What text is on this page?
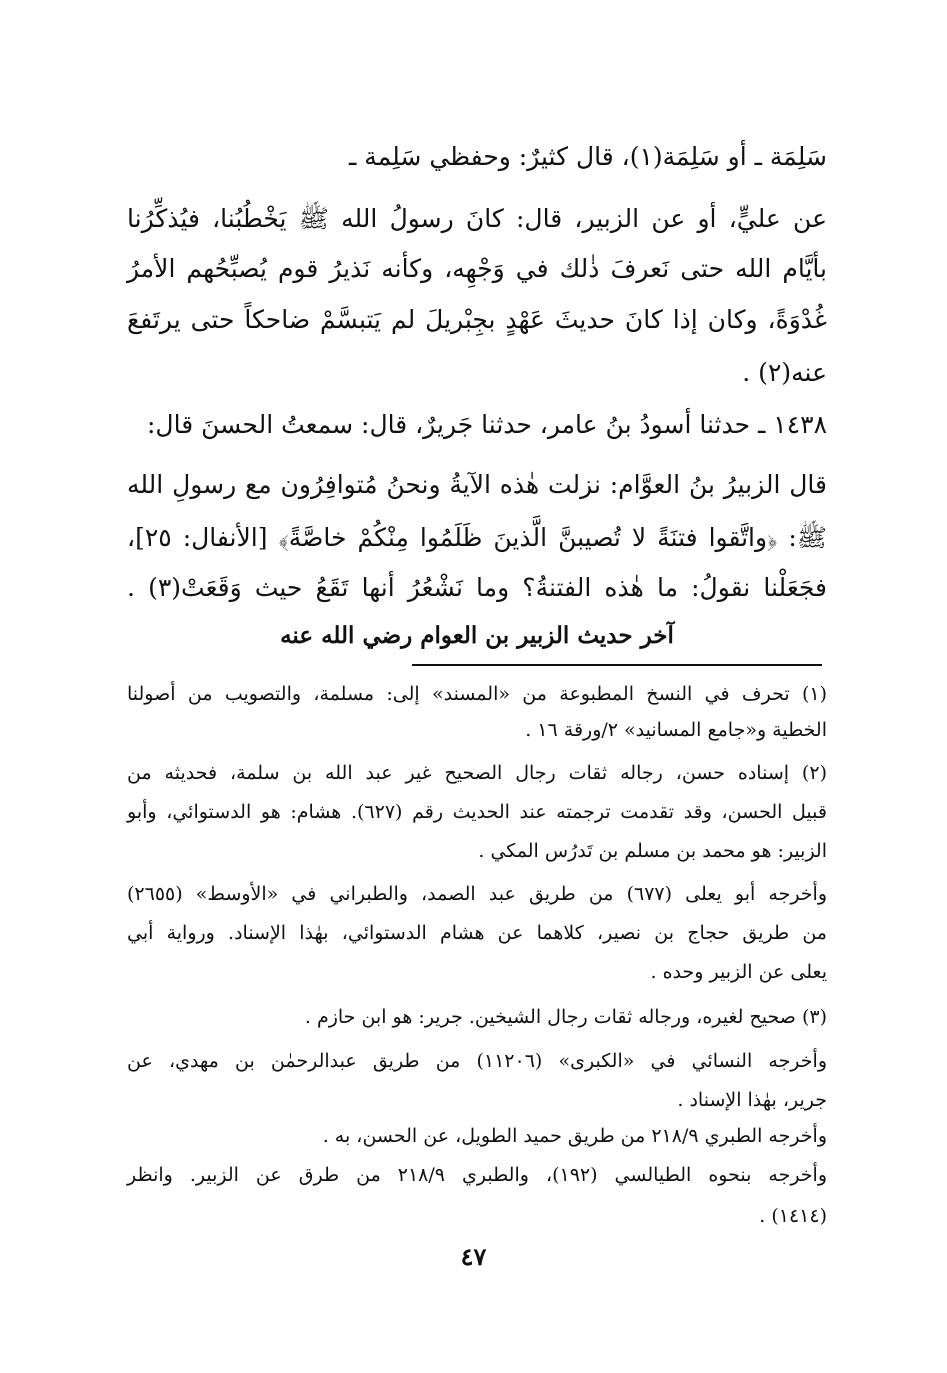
سَلِمَة ـ أو سَلِمَة(١)، قال كثيرٌ: وحفظي سَلِمة ـ
عن عليٍّ، أو عن الزبير، قال: كانَ رسولُ الله ﷺ يَخْطُبُنا، فيُذكِّرُنا
بأيَّام الله حتى نَعرفَ ذٰلك في وَجْهِه، وكأنه نَذيرُ قوم يُصبِّحُهم الأمرُ
غُدْوَةً، وكان إذا كانَ حديثَ عَهْدٍ بجِبْريلَ لم يَتبسَّمْ ضاحكاً حتى يرتَفعَ
عنه(٢) .
١٤٣٨ ـ حدثنا أسودُ بنُ عامر، حدثنا جَريرٌ، قال: سمعتُ الحسنَ قال:
قال الزبيرُ بنُ العوَّام: نزلت هٰذه الآيةُ ونحنُ مُتوافِرُون مع رسولِ الله
ﷺ: ﴿واتَّقوا فتنَةً لا تُصيبنَّ الَّذينَ ظَلَمُوا مِنْكُمْ خاصَّةً﴾ [الأنفال: ٢٥]،
فجَعَلْنا نقولُ: ما هٰذه الفتنةُ؟ وما نَشْعُرُ أنها تَقَعُ حيث وَقَعَتْ(٣) .
آخر حديث الزبير بن العوام رضي الله عنه
(١) تحرف في النسخ المطبوعة من «المسند» إلى: مسلمة، والتصويب من أصولنا
الخطية و«جامع المسانيد» ٢/ورقة ١٦ .
(٢) إسناده حسن، رجاله ثقات رجال الصحيح غير عبد الله بن سلمة، فحديثه من
قبيل الحسن، وقد تقدمت ترجمته عند الحديث رقم (٦٢٧). هشام: هو الدستوائي، وأبو
الزبير: هو محمد بن مسلم بن تَدرُس المكي .
وأخرجه أبو يعلى (٦٧٧) من طريق عبد الصمد، والطبراني في «الأوسط» (٢٦٥٥)
من طريق حجاج بن نصير، كلاهما عن هشام الدستوائي، بهٰذا الإسناد. ورواية أبي
يعلى عن الزبير وحده .
(٣) صحيح لغيره، ورجاله ثقات رجال الشيخين. جرير: هو ابن حازم .
وأخرجه النسائي في «الكبرى» (١١٢٠٦) من طريق عبدالرحمٰن بن مهدي، عن
جرير، بهٰذا الإسناد .
وأخرجه الطبري ٢١٨/٩ من طريق حميد الطويل، عن الحسن، به .
وأخرجه بنحوه الطيالسي (١٩٢)، والطبري ٢١٨/٩ من طرق عن الزبير. وانظر
(١٤١٤) .
٤٧
